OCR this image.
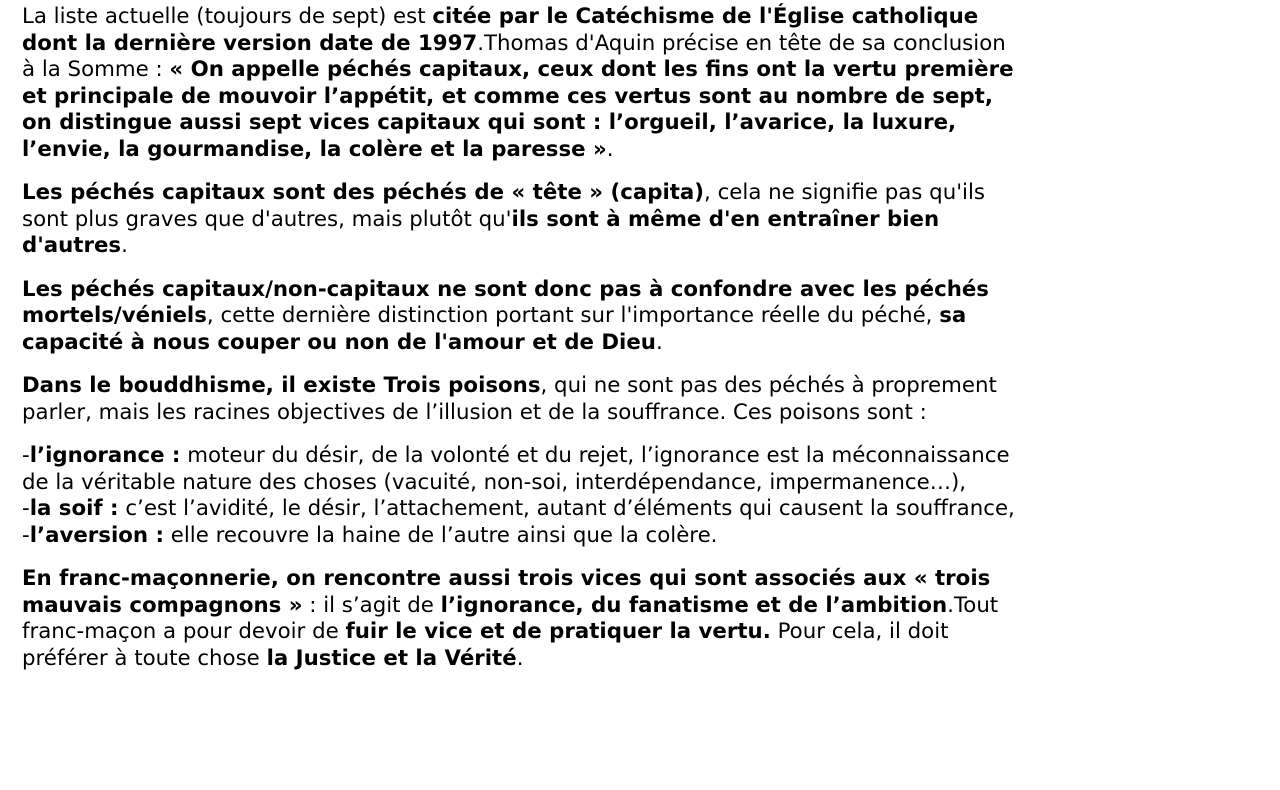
La liste actuelle (toujours de sept) est citée par le Catéchisme de l'Église catholique dont la dernière version date de 1997.Thomas d'Aquin précise en tête de sa conclusion à la Somme : « On appelle péchés capitaux, ceux dont les fins ont la vertu première et principale de mouvoir l’appétit, et comme ces vertus sont au nombre de sept, on distingue aussi sept vices capitaux qui sont : l’orgueil, l’avarice, la luxure, l’envie, la gourmandise, la colère et la paresse ».

Les péchés capitaux sont des péchés de « tête » (capita), cela ne signifie pas qu'ils sont plus graves que d'autres, mais plutôt qu'ils sont à même d'en entraîner bien d'autres.

Les péchés capitaux/non-capitaux ne sont donc pas à confondre avec les péchés mortels/véniels, cette dernière distinction portant sur l'importance réelle du péché, sa capacité à nous couper ou non de l'amour et de Dieu.

Dans le bouddhisme, il existe Trois poisons, qui ne sont pas des péchés à proprement parler, mais les racines objectives de l’illusion et de la souffrance. Ces poisons sont :

-l’ignorance : moteur du désir, de la volonté et du rejet, l’ignorance est la méconnaissance de la véritable nature des choses (vacuité, non-soi, interdépendance, impermanence…),
-la soif : c’est l’avidité, le désir, l’attachement, autant d’éléments qui causent la souffrance,
-l’aversion : elle recouvre la haine de l’autre ainsi que la colère.

En franc-maçonnerie, on rencontre aussi trois vices qui sont associés aux « trois mauvais compagnons » : il s’agit de l’ignorance, du fanatisme et de l’ambition.Tout franc-maçon a pour devoir de fuir le vice et de pratiquer la vertu. Pour cela, il doit préférer à toute chose la Justice et la Vérité.
